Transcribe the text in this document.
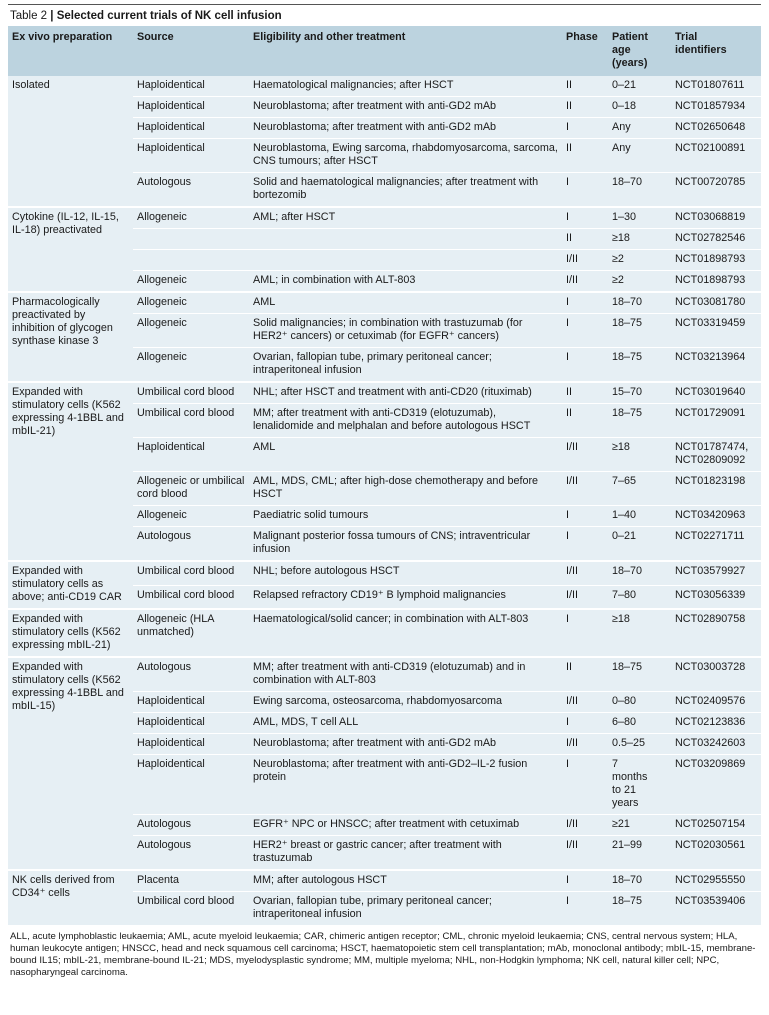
Table 2 | Selected current trials of NK cell infusion
Ex vivo preparation	Source	Eligibility and other treatment	Phase	Patient age (years)	Trial identifiers
Isolated	Haploidentical	Haematological malignancies; after HSCT	II	0–21	NCT01807611
	Haploidentical	Neuroblastoma; after treatment with anti-GD2 mAb	II	0–18	NCT01857934
	Haploidentical	Neuroblastoma; after treatment with anti-GD2 mAb	I	Any	NCT02650648
	Haploidentical	Neuroblastoma, Ewing sarcoma, rhabdomyosarcoma, sarcoma, CNS tumours; after HSCT	II	Any	NCT02100891
	Autologous	Solid and haematological malignancies; after treatment with bortezomib	I	18–70	NCT00720785
Cytokine (IL-12, IL-15, IL-18) preactivated	Allogeneic	AML; after HSCT	I	1–30	NCT03068819
			II	≥18	NCT02782546
			I/II	≥2	NCT01898793
	Allogeneic	AML; in combination with ALT-803	I/II	≥2	NCT01898793
Pharmacologically preactivated by inhibition of glycogen synthase kinase 3	Allogeneic	AML	I	18–70	NCT03081780
	Allogeneic	Solid malignancies; in combination with trastuzumab (for HER2⁺ cancers) or cetuximab (for EGFR⁺ cancers)	I	18–75	NCT03319459
	Allogeneic	Ovarian, fallopian tube, primary peritoneal cancer; intraperitoneal infusion	I	18–75	NCT03213964
Expanded with stimulatory cells (K562 expressing 4-1BBL and mbIL-21)	Umbilical cord blood	NHL; after HSCT and treatment with anti-CD20 (rituximab)	II	15–70	NCT03019640
	Umbilical cord blood	MM; after treatment with anti-CD319 (elotuzumab), lenalidomide and melphalan and before autologous HSCT	II	18–75	NCT01729091
	Haploidentical	AML	I/II	≥18	NCT01787474, NCT02809092
	Allogeneic or umbilical cord blood	AML, MDS, CML; after high-dose chemotherapy and before HSCT	I/II	7–65	NCT01823198
	Allogeneic	Paediatric solid tumours	I	1–40	NCT03420963
	Autologous	Malignant posterior fossa tumours of CNS; intraventricular infusion	I	0–21	NCT02271711
Expanded with stimulatory cells as above; anti-CD19 CAR	Umbilical cord blood	NHL; before autologous HSCT	I/II	18–70	NCT03579927
	Umbilical cord blood	Relapsed refractory CD19⁺ B lymphoid malignancies	I/II	7–80	NCT03056339
Expanded with stimulatory cells (K562 expressing mbIL-21)	Allogeneic (HLA unmatched)	Haematological/solid cancer; in combination with ALT-803	I	≥18	NCT02890758
Expanded with stimulatory cells (K562 expressing 4-1BBL and mbIL-15)	Autologous	MM; after treatment with anti-CD319 (elotuzumab) and in combination with ALT-803	II	18–75	NCT03003728
	Haploidentical	Ewing sarcoma, osteosarcoma, rhabdomyosarcoma	I/II	0–80	NCT02409576
	Haploidentical	AML, MDS, T cell ALL	I	6–80	NCT02123836
	Haploidentical	Neuroblastoma; after treatment with anti-GD2 mAb	I/II	0.5–25	NCT03242603
	Haploidentical	Neuroblastoma; after treatment with anti-GD2–IL-2 fusion protein	I	7 months to 21 years	NCT03209869
	Autologous	EGFR⁺ NPC or HNSCC; after treatment with cetuximab	I/II	≥21	NCT02507154
	Autologous	HER2⁺ breast or gastric cancer; after treatment with trastuzumab	I/II	21–99	NCT02030561
NK cells derived from CD34⁺ cells	Placenta	MM; after autologous HSCT	I	18–70	NCT02955550
	Umbilical cord blood	Ovarian, fallopian tube, primary peritoneal cancer; intraperitoneal infusion	I	18–75	NCT03539406
ALL, acute lymphoblastic leukaemia; AML, acute myeloid leukaemia; CAR, chimeric antigen receptor; CML, chronic myeloid leukaemia; CNS, central nervous system; HLA, human leukocyte antigen; HNSCC, head and neck squamous cell carcinoma; HSCT, haematopoietic stem cell transplantation; mAb, monoclonal antibody; mbIL-15, membrane-bound IL15; mbIL-21, membrane-bound IL-21; MDS, myelodysplastic syndrome; MM, multiple myeloma; NHL, non-Hodgkin lymphoma; NK cell, natural killer cell; NPC, nasopharyngeal carcinoma.
